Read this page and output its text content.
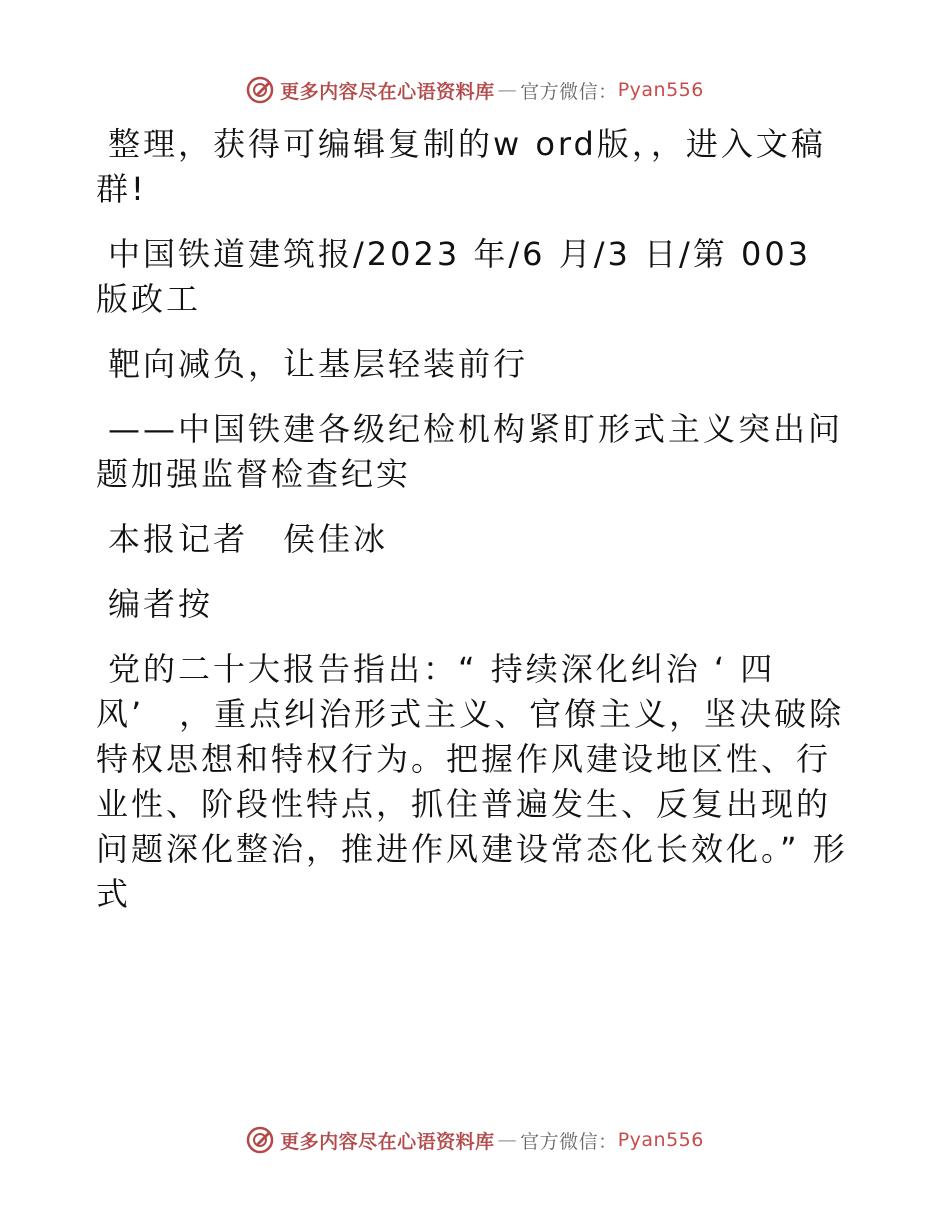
更多内容尽在心语资料库 — 官方微信： Pyan556

整理，获得可编辑复制的w ord版，，进入文稿群!

中国铁道建筑报/2023 年/6 月/3 日/第 003 版政工

靶向减负，让基层轻装前行

——中国铁建各级纪检机构紧盯形式主义突出问题加强监督检查纪实

本报记者　侯佳冰

编者按

党的二十大报告指出：“ 持续深化纠治 ‘ 四风’　，重点纠治形式主义、官僚主义，坚决破除特权思想和特权行为。把握作风建设地区性、行业性、阶段性特点，抓住普遍发生、反复出现的问题深化整治，推进作风建设常态化长效化。” 形式

更多内容尽在心语资料库 — 官方微信： Pyan556
